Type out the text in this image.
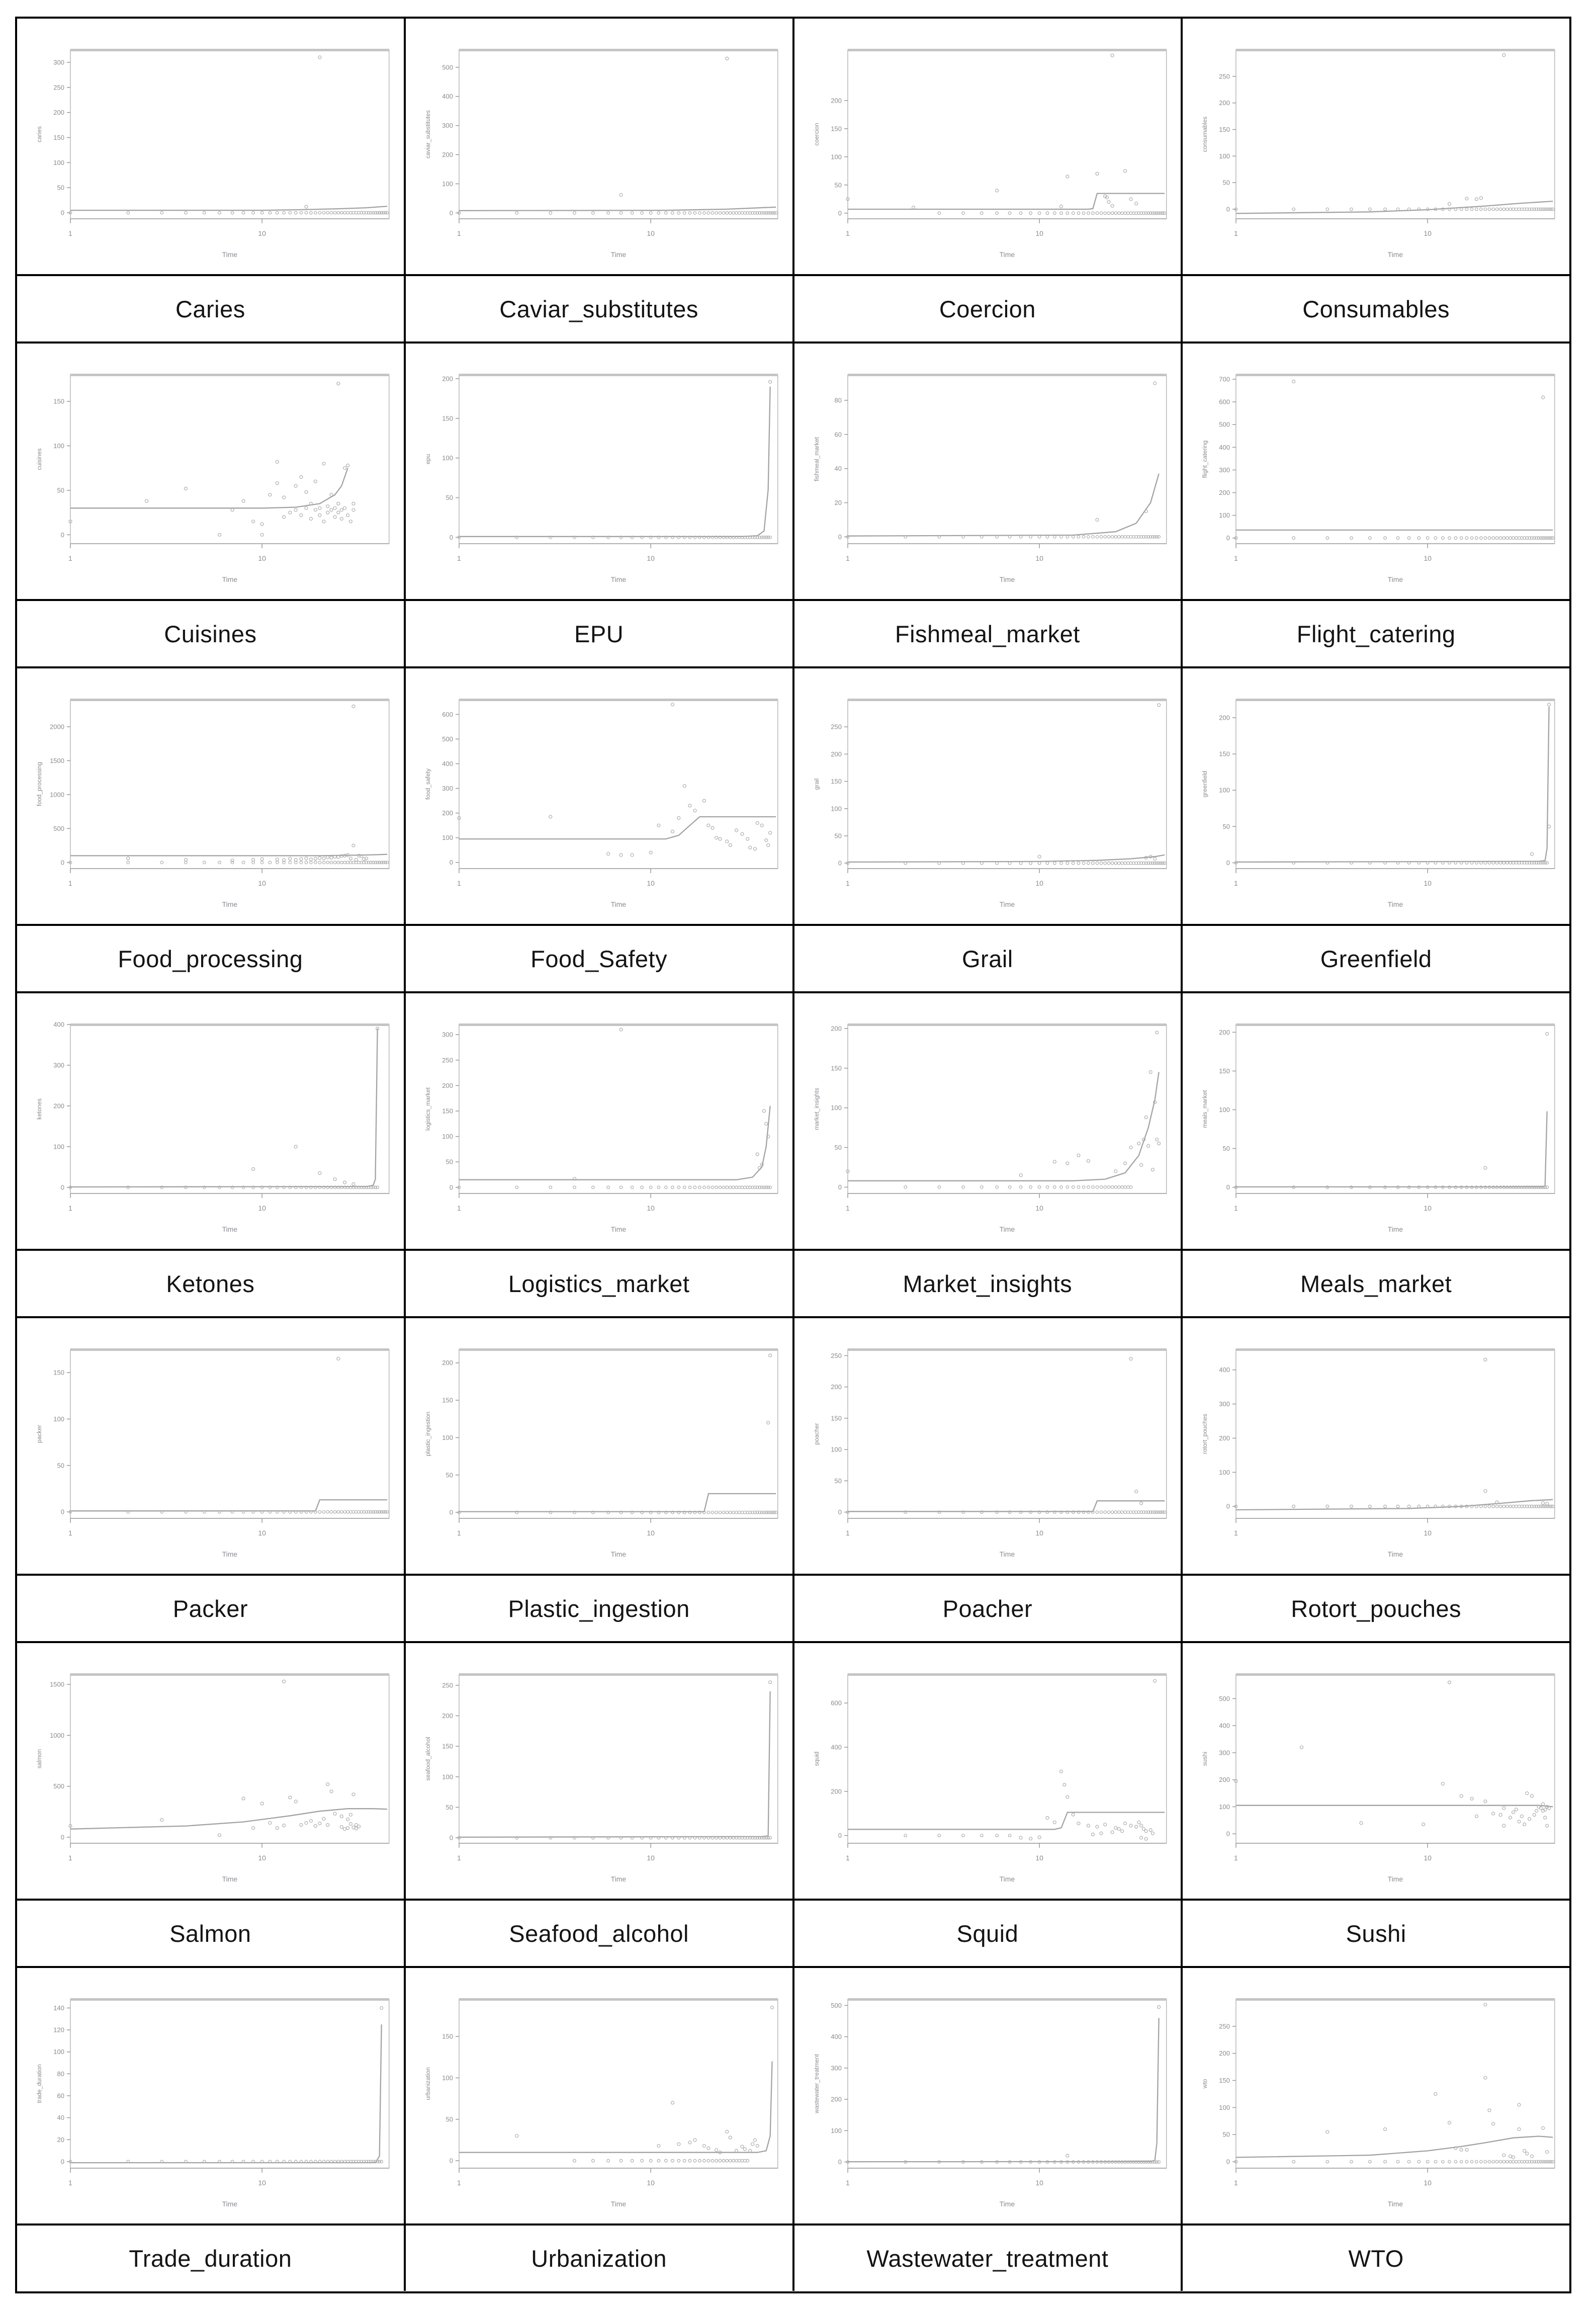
0
50
100
150
200
250
300
caries
1	10
Time
0
100
200
300
400
500
caviar_substitutes
1	10
Time
0
50
100
150
200
coercion
1	10
Time
0
50
100
150
200
250
consumables
1	10
Time
Caries	Caviar_substitutes	Coercion	Consumables
0
50
100
150
cuisines
1	10
Time
0
50
100
150
200
epu
1	10
Time
0
20
40
60
80
fishmeal_market
1	10
Time
0
100
200
300
400
500
600
700
flight_catering
1	10
Time
Cuisines	EPU	Fishmeal_market	Flight_catering
0
500
1000
1500
2000
food_processing
1	10
Time
0
100
200
300
400
500
600
food_safety
1	10
Time
0
50
100
150
200
250
grail
1	10
Time
0
50
100
150
200
greenfield
1	10
Time
Food_processing	Food_Safety	Grail	Greenfield
0
100
200
300
400
ketones
1	10
Time
0
50
100
150
200
250
300
logistics_market
1	10
Time
0
50
100
150
200
market_insights
1	10
Time
0
50
100
150
200
meals_market
1	10
Time
Ketones	Logistics_market	Market_insights	Meals_market
0
50
100
150
packer
1	10
Time
0
50
100
150
200
plastic_ingestion
1	10
Time
0
50
100
150
200
250
poacher
1	10
Time
0
100
200
300
400
rotort_pouches
1	10
Time
Packer	Plastic_ingestion	Poacher	Rotort_pouches
0
500
1000
1500
salmon
1	10
Time
0
50
100
150
200
250
seafood_alcohol
1	10
Time
0
200
400
600
squid
1	10
Time
0
100
200
300
400
500
sushi
1	10
Time
Salmon	Seafood_alcohol	Squid	Sushi
0
20
40
60
80
100
120
140
trade_duration
1	10
Time
0
50
100
150
urbanization
1	10
Time
0
100
200
300
400
500
wastewater_treatment
1	10
Time
0
50
100
150
200
250
wto
1	10
Time
Trade_duration	Urbanization	Wastewater_treatment	WTO
